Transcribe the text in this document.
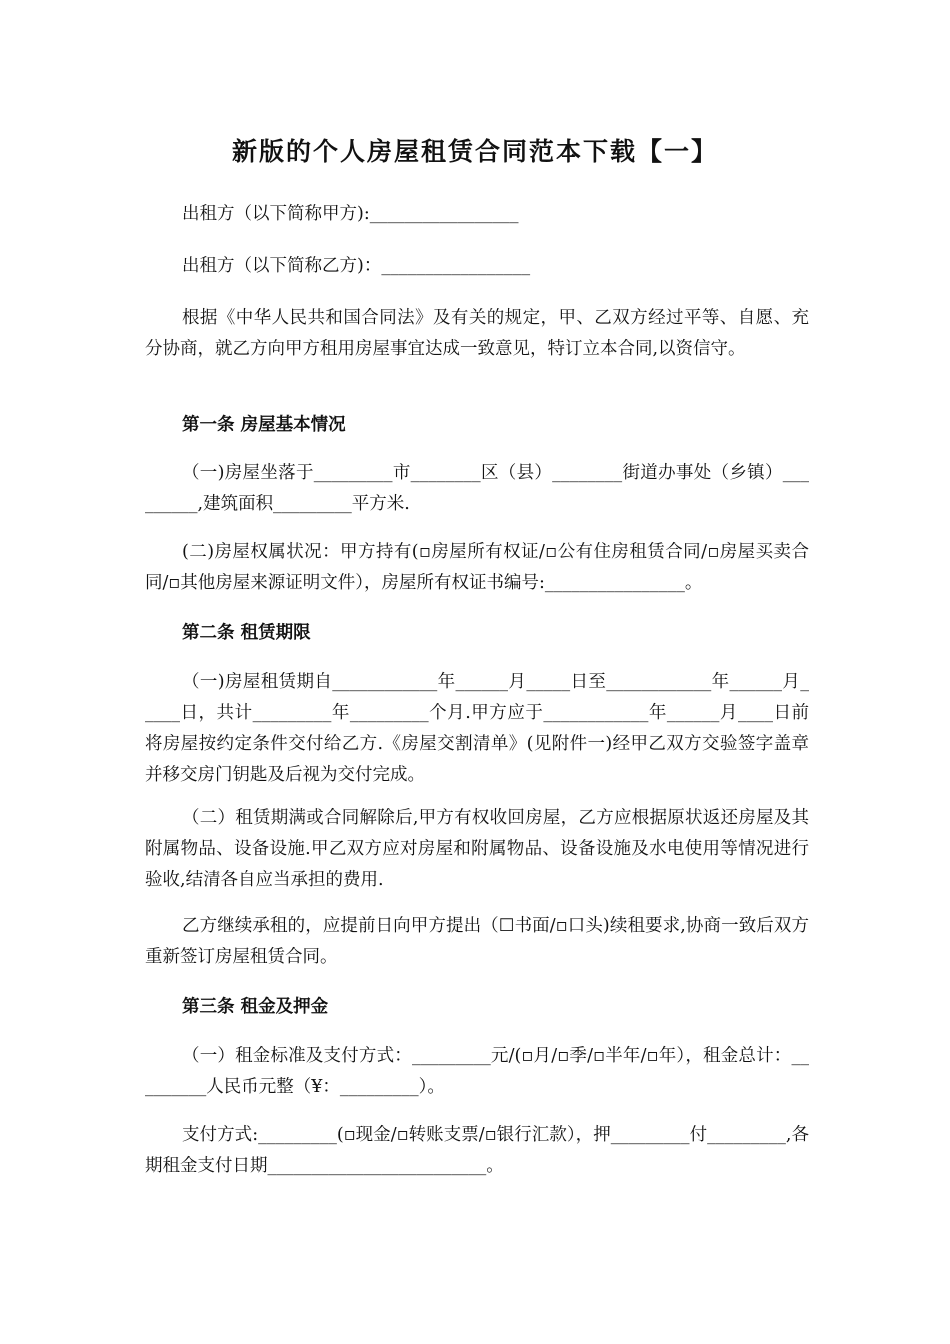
新版的个人房屋租赁合同范本下载【一】
出租方（以下简称甲方):_________________
出租方（以下简称乙方)：_________________
根据《中华人民共和国合同法》及有关的规定，甲、乙双方经过平等、自愿、充分协商，就乙方向甲方租用房屋事宜达成一致意见，特订立本合同,以资信守。
第一条 房屋基本情况
（一)房屋坐落于_________市________区（县）________街道办事处（乡镇）_________,建筑面积_________平方米.
(二)房屋权属状况：甲方持有(▫房屋所有权证/▫公有住房租赁合同/▫房屋买卖合同/▫其他房屋来源证明文件），房屋所有权证书编号:________________。
第二条 租赁期限
（一)房屋租赁期自____________年______月_____日至____________年______月_____日，共计_________年_________个月.甲方应于____________年______月____日前将房屋按约定条件交付给乙方.《房屋交割清单》(见附件一)经甲乙双方交验签字盖章并移交房门钥匙及后视为交付完成。
（二）租赁期满或合同解除后,甲方有权收回房屋，乙方应根据原状返还房屋及其附属物品、设备设施.甲乙双方应对房屋和附属物品、设备设施及水电使用等情况进行验收,结清各自应当承担的费用.
乙方继续承租的，应提前日向甲方提出（☐书面/▫口头)续租要求,协商一致后双方重新签订房屋租赁合同。
第三条 租金及押金
（一）租金标准及支付方式：_________元/(▫月/▫季/▫半年/▫年），租金总计：_________人民币元整（¥：_________）。
支付方式:_________(▫现金/▫转账支票/▫银行汇款），押_________付_________,各期租金支付日期_________________________。
